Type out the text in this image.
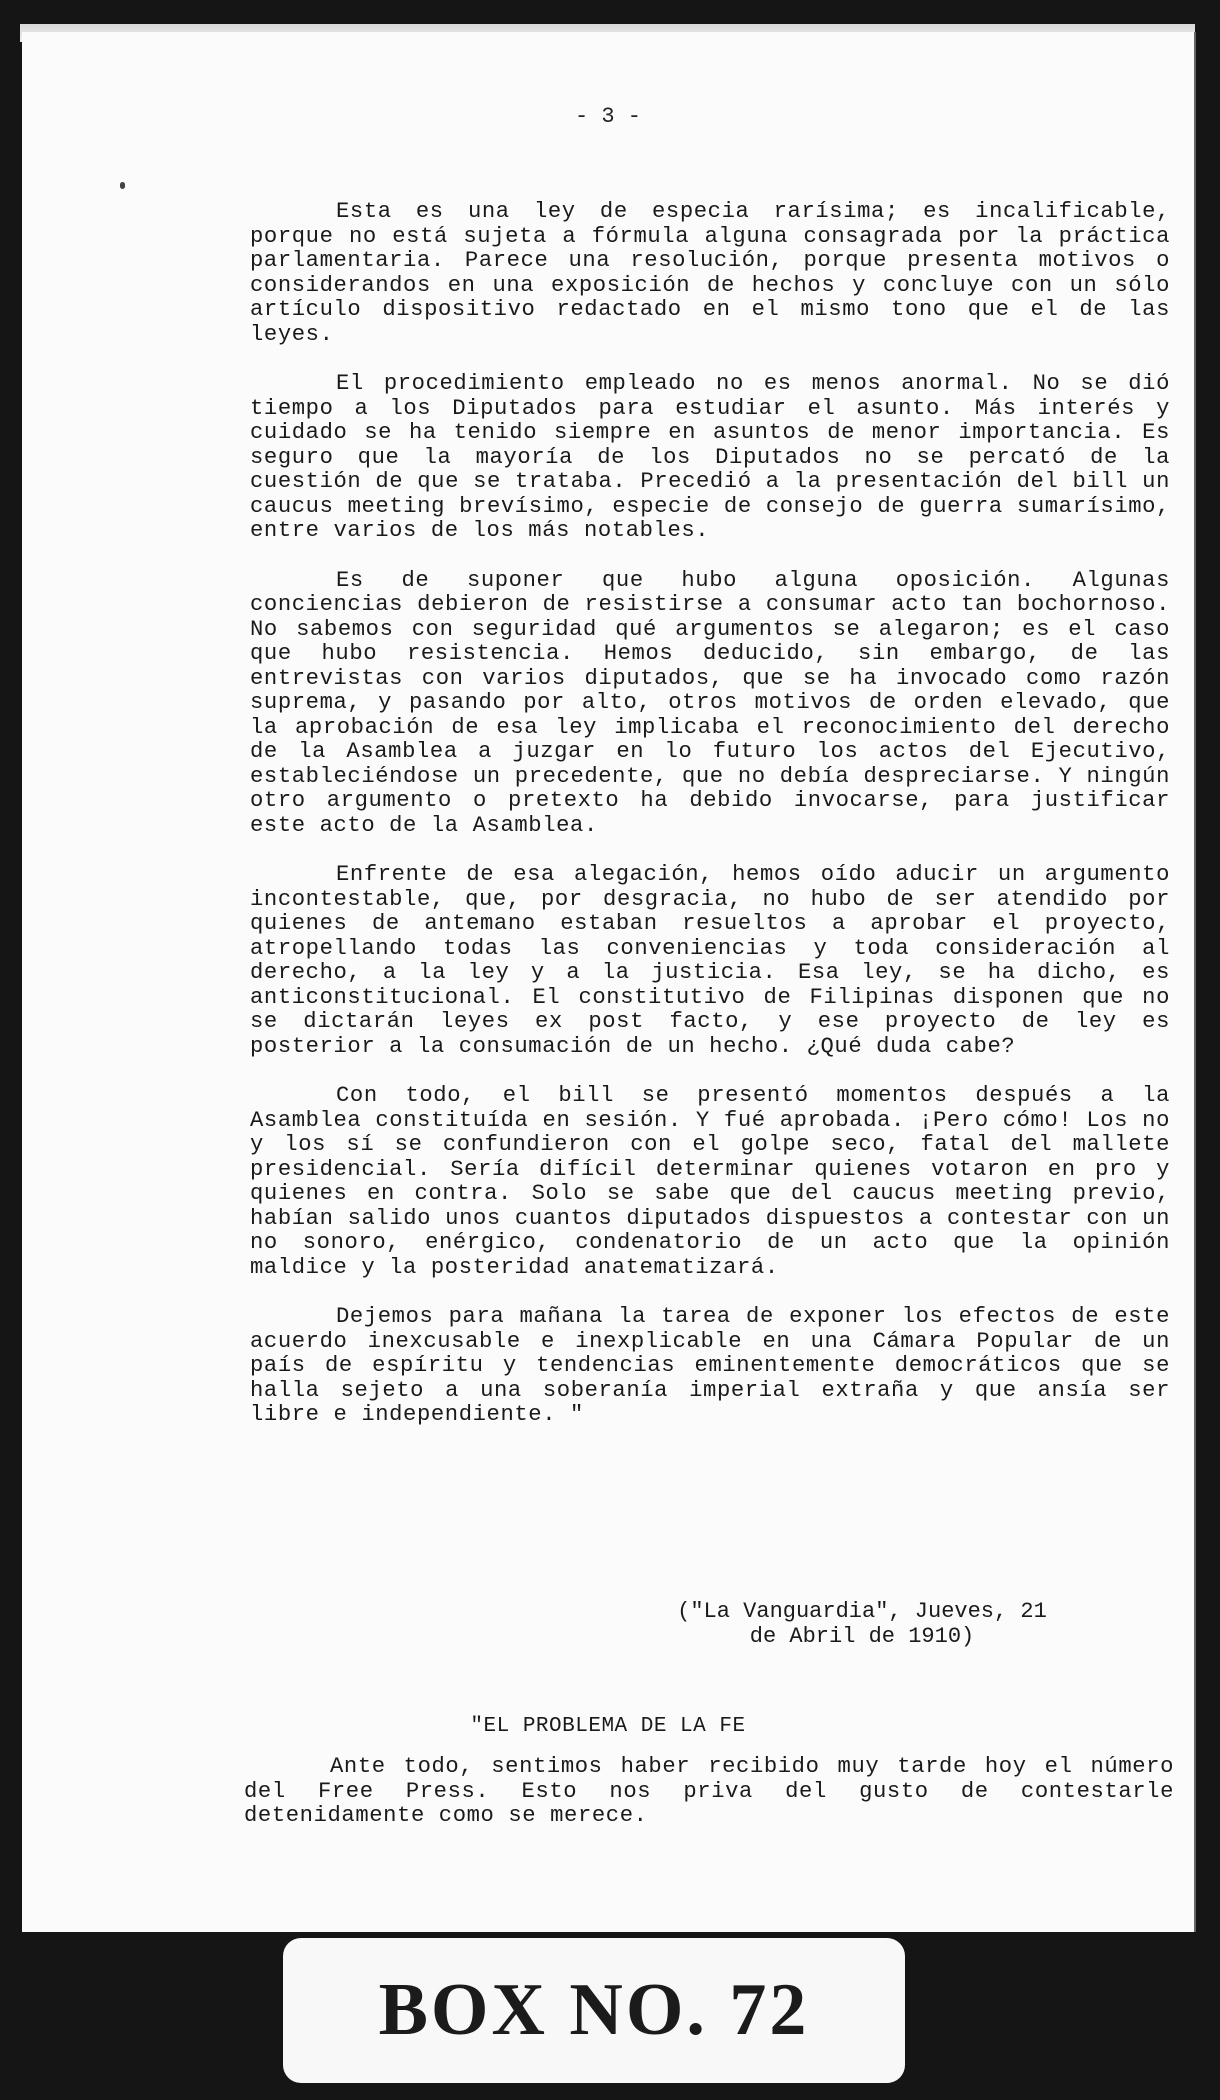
- 3 -

Esta es una ley de especia rarísima; es incalificable, porque no está sujeta a fórmula alguna consagrada por la práctica parlamentaria. Parece una resolución, porque presenta motivos o considerandos en una exposición de hechos y concluye con un sólo artículo dispositivo redactado en el mismo tono que el de las leyes.

El procedimiento empleado no es menos anormal. No se dió tiempo a los Diputados para estudiar el asunto. Más interés y cuidado se ha tenido siempre en asuntos de menor importancia. Es seguro que la mayoría de los Diputados no se percató de la cuestión de que se trataba. Precedió a la presentación del bill un caucus meeting brevísimo, especie de consejo de guerra sumarísimo, entre varios de los más notables.

Es de suponer que hubo alguna oposición. Algunas conciencias debieron de resistirse a consumar acto tan bochornoso. No sabemos con seguridad qué argumentos se alegaron; es el caso que hubo resistencia. Hemos deducido, sin embargo, de las entrevistas con varios diputados, que se ha invocado como razón suprema, y pasando por alto, otros motivos de orden elevado, que la aprobación de esa ley implicaba el reconocimiento del derecho de la Asamblea a juzgar en lo futuro los actos del Ejecutivo, estableciéndose un precedente, que no debía despreciarse. Y ningún otro argumento o pretexto ha debido invocarse, para justificar este acto de la Asamblea.

Enfrente de esa alegación, hemos oído aducir un argumento incontestable, que, por desgracia, no hubo de ser atendido por quienes de antemano estaban resueltos a aprobar el proyecto, atropellando todas las conveniencias y toda consideración al derecho, a la ley y a la justicia. Esa ley, se ha dicho, es anticonstitucional. El constitutivo de Filipinas disponen que no se dictarán leyes ex post facto, y ese proyecto de ley es posterior a la consumación de un hecho. ¿Qué duda cabe?

Con todo, el bill se presentó momentos después a la Asamblea constituída en sesión. Y fué aprobada. ¡Pero cómo! Los no y los sí se confundieron con el golpe seco, fatal del mallete presidencial. Sería difícil determinar quienes votaron en pro y quienes en contra. Solo se sabe que del caucus meeting previo, habían salido unos cuantos diputados dispuestos a contestar con un no sonoro, enérgico, condenatorio de un acto que la opinión maldice y la posteridad anatematizará.

Dejemos para mañana la tarea de exponer los efectos de este acuerdo inexcusable e inexplicable en una Cámara Popular de un país de espíritu y tendencias eminentemente democráticos que se halla sejeto a una soberanía imperial extraña y que ansía ser libre e independiente. "

("La Vanguardia", Jueves, 21
de Abril de 1910)
"EL PROBLEMA DE LA FE

Ante todo, sentimos haber recibido muy tarde hoy el número del Free Press. Esto nos priva del gusto de contestarle detenidamente como se merece.

BOX NO. 72
